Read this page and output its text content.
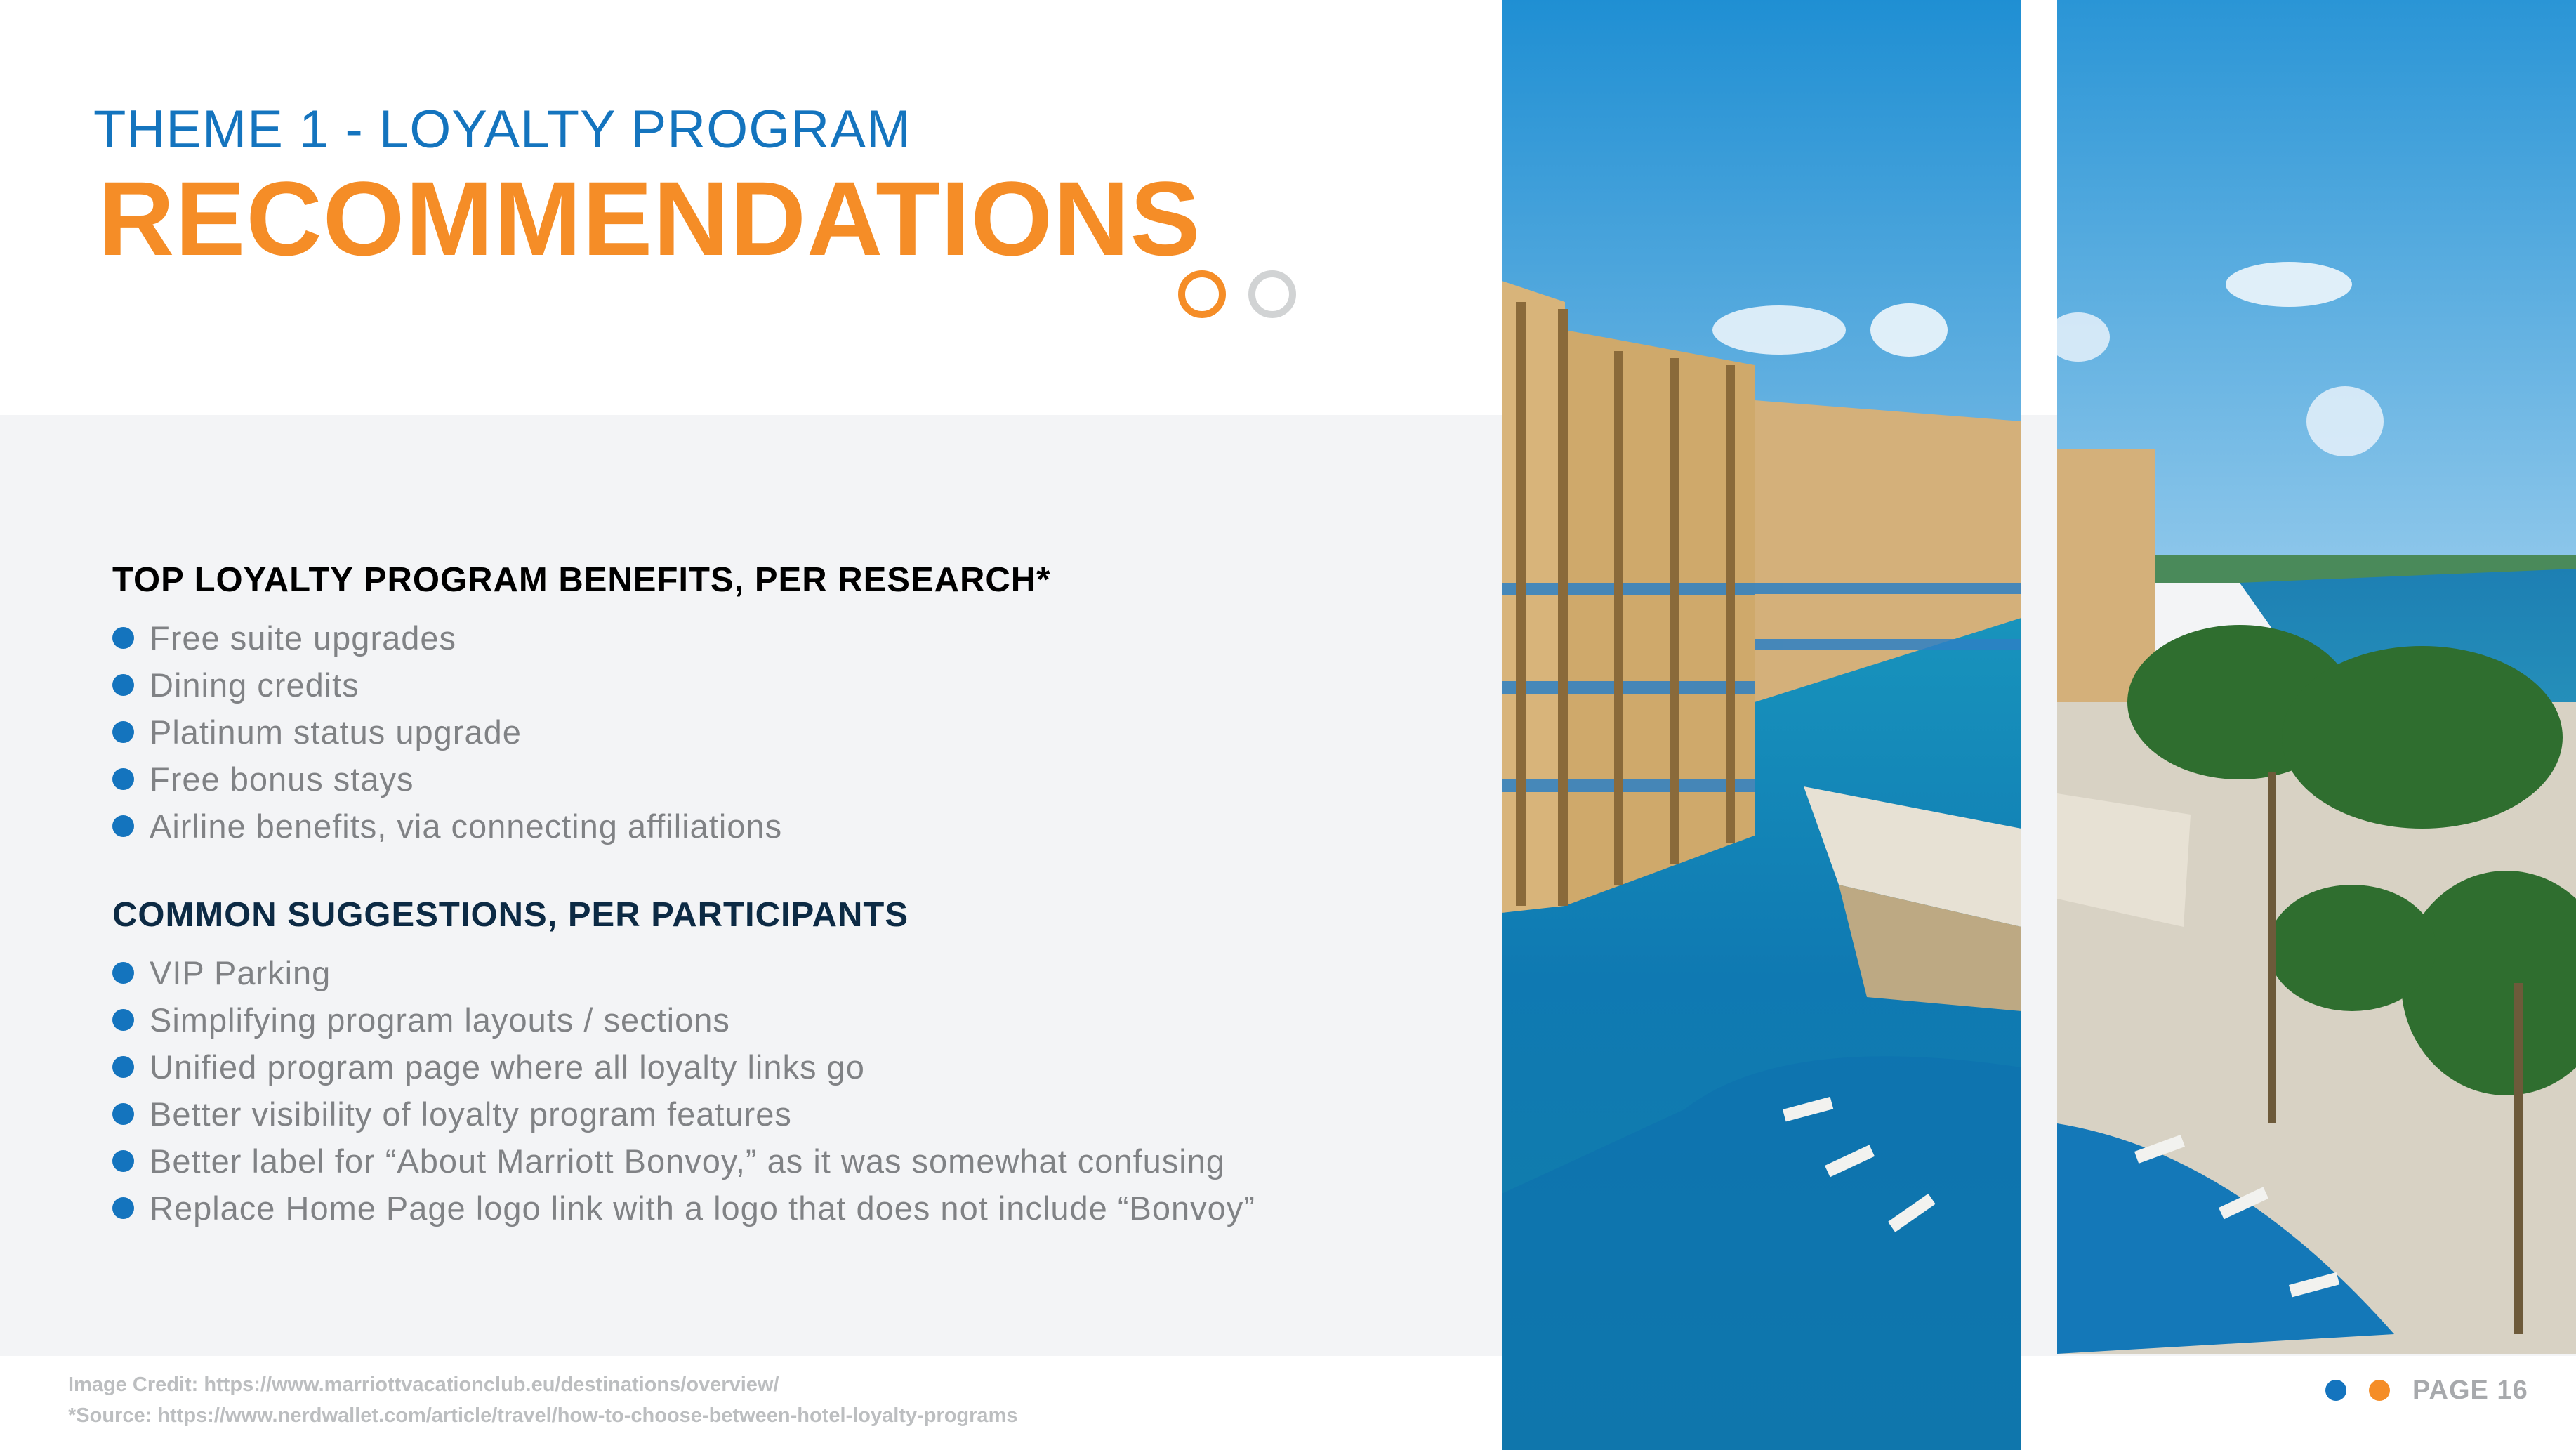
THEME 1 - LOYALTY PROGRAM
RECOMMENDATIONS
TOP LOYALTY PROGRAM BENEFITS, PER RESEARCH*
Free suite upgrades
Dining credits
Platinum status upgrade
Free bonus stays
Airline benefits, via connecting affiliations
COMMON SUGGESTIONS, PER PARTICIPANTS
VIP Parking
Simplifying program layouts / sections
Unified program page where all loyalty links go
Better visibility of loyalty program features
Better label for “About Marriott Bonvoy,” as it was somewhat confusing
Replace Home Page logo link with a logo that does not include “Bonvoy”
Image Credit: https://www.marriottvacationclub.eu/destinations/overview/
*Source: https://www.nerdwallet.com/article/travel/how-to-choose-between-hotel-loyalty-programs
PAGE 16
